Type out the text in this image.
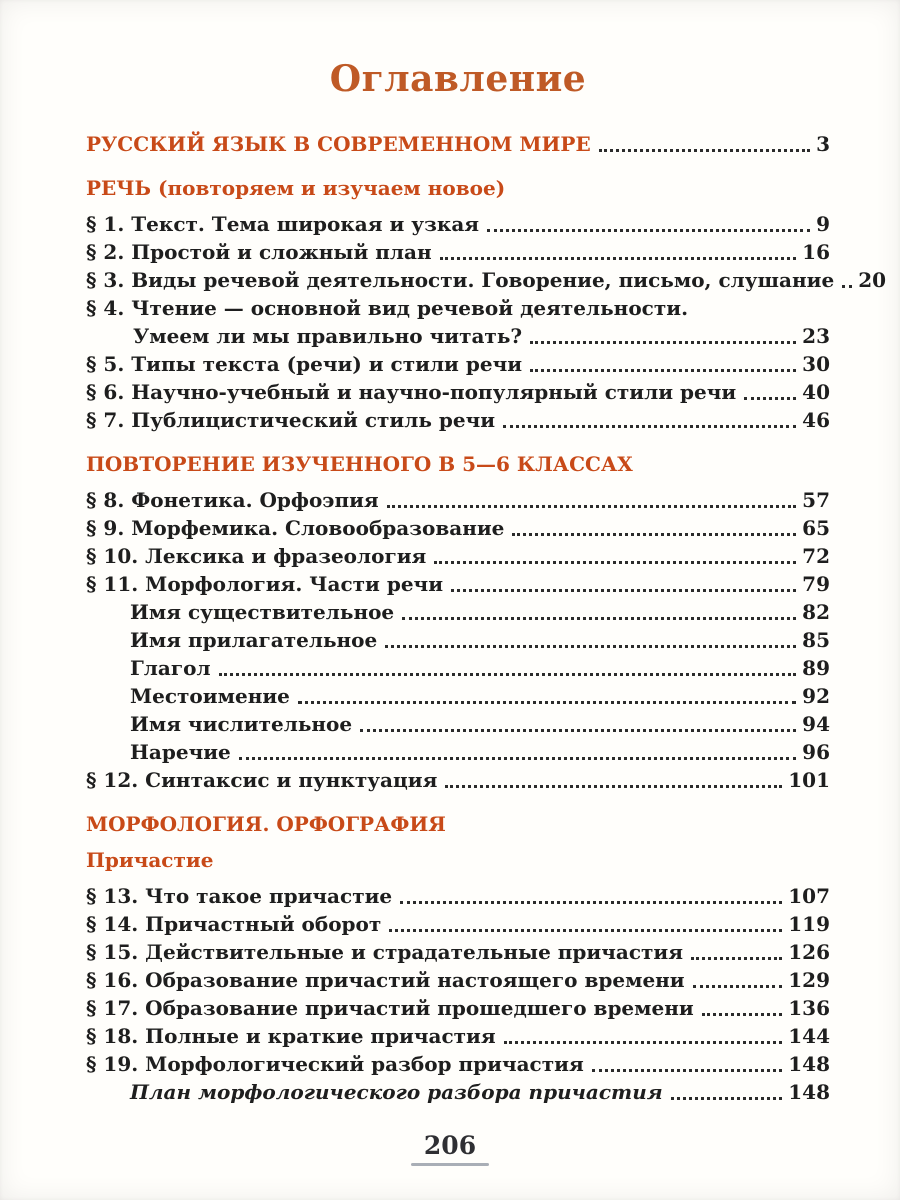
Оглавление
РУССКИЙ ЯЗЫК В СОВРЕМЕННОМ МИРЕ	3
РЕЧЬ (повторяем и изучаем новое)
§ 1. Текст. Тема широкая и узкая	9
§ 2. Простой и сложный план	16
§ 3. Виды речевой деятельности. Говорение, письмо, слушание 20
§ 4. Чтение — основной вид речевой деятельности.
Умеем ли мы правильно читать?	23
§ 5. Типы текста (речи) и стили речи	30
§ 6. Научно-учебный и научно-популярный стили речи	40
§ 7. Публицистический стиль речи	46
ПОВТОРЕНИЕ ИЗУЧЕННОГО В 5—6 КЛАССАХ
§ 8. Фонетика. Орфоэпия	57
§ 9. Морфемика. Словообразование	65
§ 10. Лексика и фразеология	72
§ 11. Морфология. Части речи	79
Имя существительное	82
Имя прилагательное	85
Глагол	89
Местоимение	92
Имя числительное	94
Наречие	96
§ 12. Синтаксис и пунктуация	101
МОРФОЛОГИЯ. ОРФОГРАФИЯ
Причастие
§ 13. Что такое причастие	107
§ 14. Причастный оборот	119
§ 15. Действительные и страдательные причастия	126
§ 16. Образование причастий настоящего времени	129
§ 17. Образование причастий прошедшего времени	136
§ 18. Полные и краткие причастия	144
§ 19. Морфологический разбор причастия	148
План морфологического разбора причастия	148
206
